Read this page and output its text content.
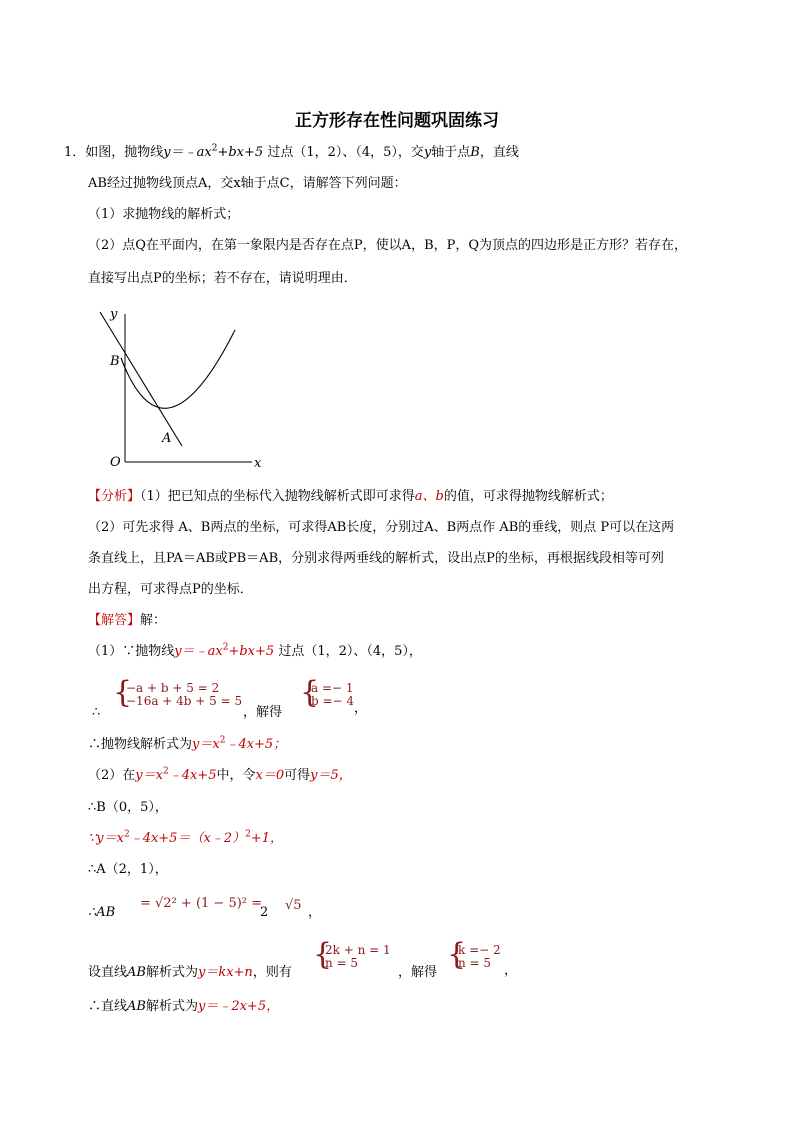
正方形存在性问题巩固练习
1．如图，抛物线$y=﹣ax^2+bx+5$ 过点（1，2）、（4，5），交y轴于点B，直线
AB经过抛物线顶点A，交x轴于点C，请解答下列问题：
（1）求抛物线的解析式；
（2）点Q在平面内，在第一象限内是否存在点P，使以A，B，P，Q为顶点的四边形是正方形？若存在，
直接写出点P的坐标；若不存在，请说明理由．
y
x
O
B
A
【分析】（1）把已知点的坐标代入抛物线解析式即可求得a、b的值，可求得抛物线解析式；
（2）可先求得 A、B两点的坐标，可求得AB长度，分别过A、B两点作 AB的垂线，则点 P可以在这两
条直线上，且PA＝AB或PB＝AB，分别求得两垂线的解析式，设出点P的坐标，再根据线段相等可列
出方程，可求得点P的坐标．
【解答】解：
（1）∵抛物线$y=﹣ax^2+bx+5$ 过点（1，2）、（4，5），
∴
{
−a + b + 5 = 2
−16a + 4b + 5 = 5
，解得
{
a =− 1
b =− 4 ，
∴抛物线解析式为$y=x^2﹣4x+5$；
（2）在$y=x^2﹣4x+5$中，令x＝0可得y＝5，
∴B（0，5），
$\because y=x^2﹣4x+5=(x﹣2)^2+1$，
∴A（2，1），
∴AB
= √2² + (1 − 5)² =
2 √5 ，
设直线AB解析式为y＝kx+n，则有
{
2k + n = 1
n = 5
，解得
{
k =− 2
n = 5 ，
∴直线AB解析式为y＝﹣2x+5，
